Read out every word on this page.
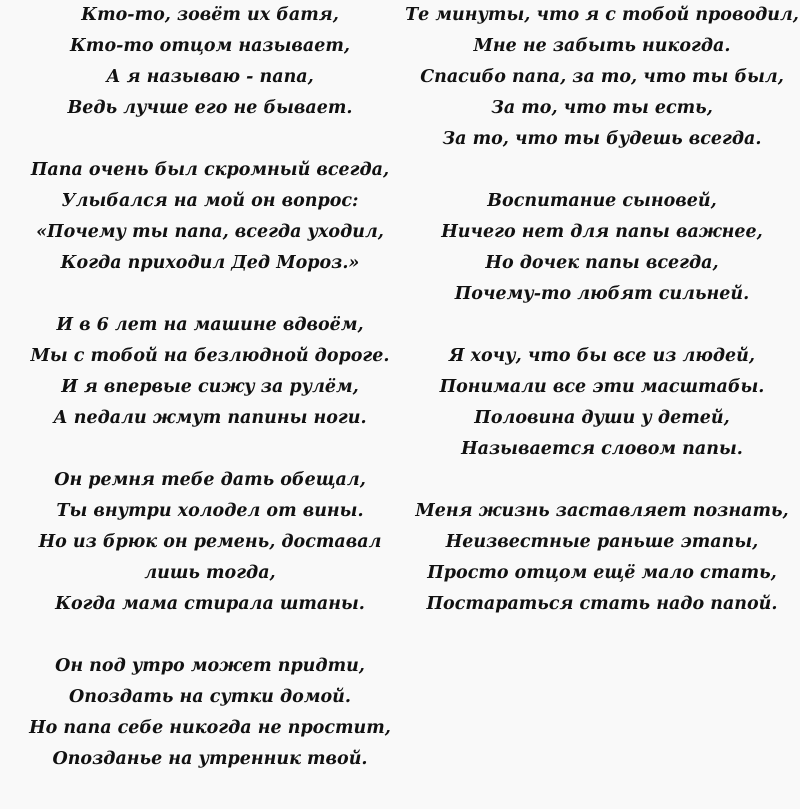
Кто-то, зовёт их батя,
Кто-то отцом называет,
А я называю - папа,
Ведь лучше его не бывает.
Папа очень был скромный всегда,
Улыбался на мой он вопрос:
«Почему ты папа, всегда уходил,
Когда приходил Дед Мороз.»
И в 6 лет на машине вдвоём,
Мы с тобой на безлюдной дороге.
И я впервые сижу за рулём,
А педали жмут папины ноги.
Он ремня тебе дать обещал,
Ты внутри холодел от вины.
Но из брюк он ремень, доставал лишь тогда,
Когда мама стирала штаны.
Он под утро может придти,
Опоздать на сутки домой.
Но папа себе никогда не простит,
Опозданье на утренник твой.
Те минуты, что я с тобой проводил,
Мне не забыть никогда.
Спасибо папа, за то, что ты был,
За то, что ты есть,
За то, что ты будешь всегда.
Воспитание сыновей,
Ничего нет для папы важнее,
Но дочек папы всегда,
Почему-то любят сильней.
Я хочу, что бы все из людей,
Понимали все эти масштабы.
Половина души у детей,
Называется словом папы.
Меня жизнь заставляет познать,
Неизвестные раньше этапы,
Просто отцом ещё мало стать,
Постараться стать надо папой.
